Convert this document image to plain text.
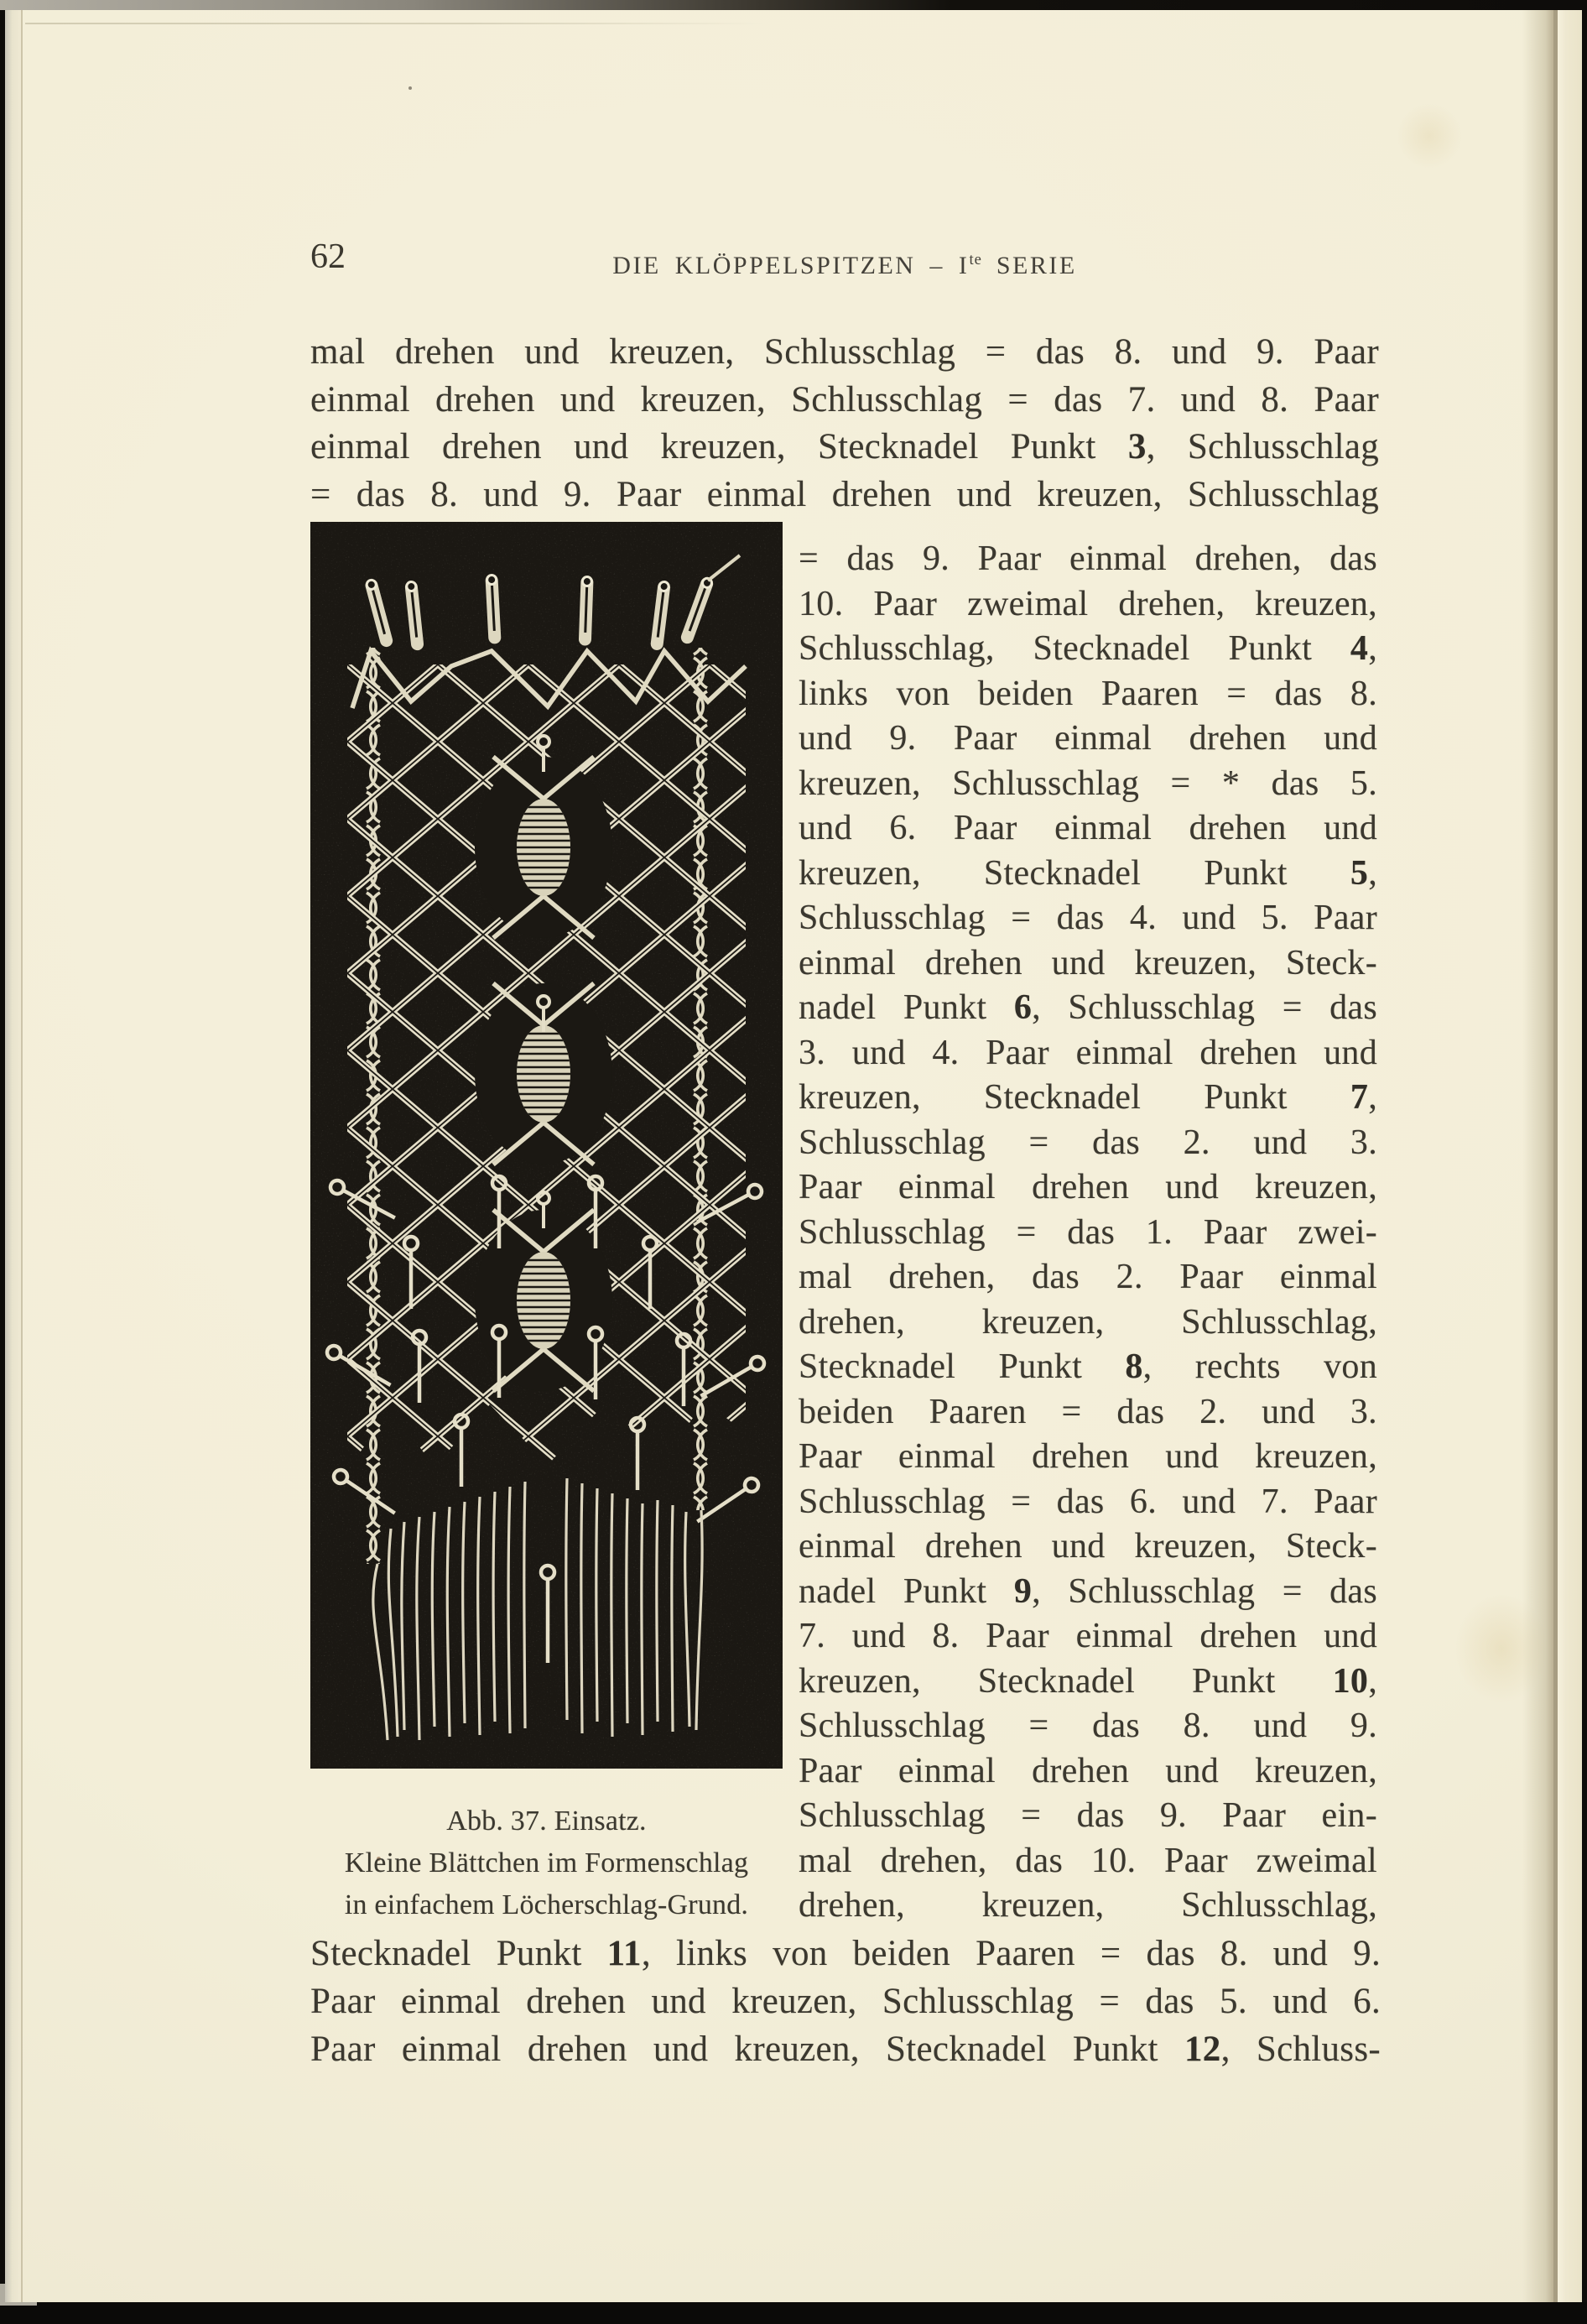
62	DIE KLÖPPELSPITZEN – $I^{te}$ SERIE
mal drehen und kreuzen, Schlusschlag = das 8. und 9. Paar
einmal drehen und kreuzen, Schlusschlag = das 7. und 8. Paar
einmal drehen und kreuzen, Stecknadel Punkt 3, Schlusschlag
= das 8. und 9. Paar einmal drehen und kreuzen, Schlusschlag
= das 9. Paar einmal drehen, das
10. Paar zweimal drehen, kreuzen,
Schlusschlag, Stecknadel Punkt 4,
links von beiden Paaren = das 8.
und 9. Paar einmal drehen und
kreuzen, Schlusschlag = * das 5.
und 6. Paar einmal drehen und
kreuzen, Stecknadel Punkt 5,
Schlusschlag = das 4. und 5. Paar
einmal drehen und kreuzen, Steck-
nadel Punkt 6, Schlusschlag = das
3. und 4. Paar einmal drehen und
kreuzen, Stecknadel Punkt 7,
Schlusschlag = das 2. und 3.
Paar einmal drehen und kreuzen,
Schlusschlag = das 1. Paar zwei-
mal drehen, das 2. Paar einmal
drehen, kreuzen, Schlusschlag,
Stecknadel Punkt 8, rechts von
beiden Paaren = das 2. und 3.
Paar einmal drehen und kreuzen,
Schlusschlag = das 6. und 7. Paar
einmal drehen und kreuzen, Steck-
nadel Punkt 9, Schlusschlag = das
7. und 8. Paar einmal drehen und
kreuzen, Stecknadel Punkt 10,
Schlusschlag = das 8. und 9.
Paar einmal drehen und kreuzen,
Schlusschlag = das 9. Paar ein-
mal drehen, das 10. Paar zweimal
drehen, kreuzen, Schlusschlag,
Abb. 37. Einsatz.
Kleine Blättchen im Formenschlag
in einfachem Löcherschlag-Grund.
Stecknadel Punkt 11, links von beiden Paaren = das 8. und 9.
Paar einmal drehen und kreuzen, Schlusschlag = das 5. und 6.
Paar einmal drehen und kreuzen, Stecknadel Punkt 12, Schluss-
